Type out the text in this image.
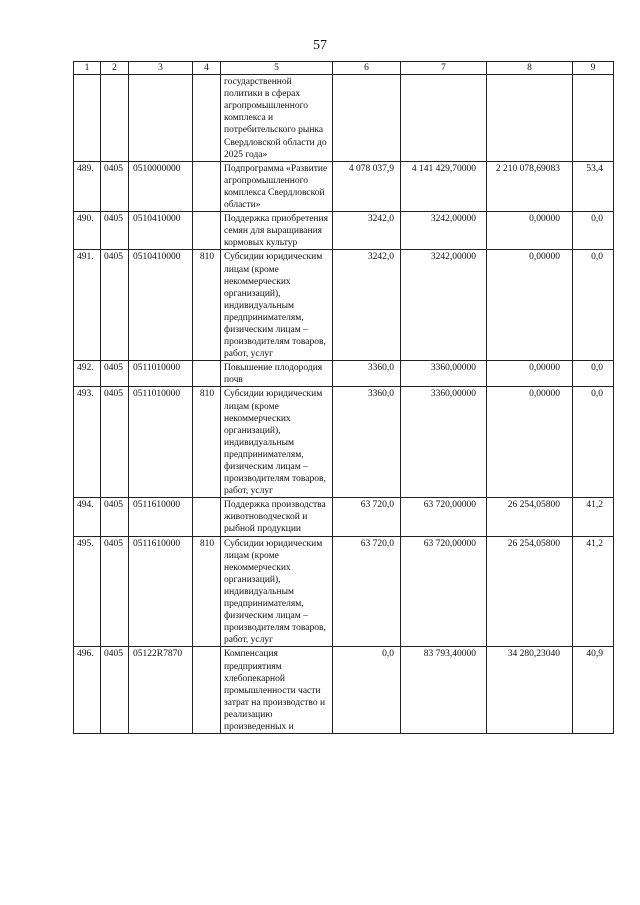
57
1	2	3	4	5	6	7	8	9
				государственной политики в сферах агропромышленного комплекса и потребительского рынка Свердловской области до 2025 года»				
489.	0405	0510000000		Подпрограмма «Развитие агропромышленного комплекса Свердловской области»	4 078 037,9	4 141 429,70000	2 210 078,69083	53,4
490.	0405	0510410000		Поддержка приобретения семян для выращивания кормовых культур	3242,0	3242,00000	0,00000	0,0
491.	0405	0510410000	810	Субсидии юридическим лицам (кроме некоммерческих организаций), индивидуальным предпринимателям, физическим лицам – производителям товаров, работ, услуг	3242,0	3242,00000	0,00000	0,0
492.	0405	0511010000		Повышение плодородия почв	3360,0	3360,00000	0,00000	0,0
493.	0405	0511010000	810	Субсидии юридическим лицам (кроме некоммерческих организаций), индивидуальным предпринимателям, физическим лицам – производителям товаров, работ, услуг	3360,0	3360,00000	0,00000	0,0
494.	0405	0511610000		Поддержка производства животноводческой и рыбной продукции	63 720,0	63 720,00000	26 254,05800	41,2
495.	0405	0511610000	810	Субсидии юридическим лицам (кроме некоммерческих организаций), индивидуальным предпринимателям, физическим лицам – производителям товаров, работ, услуг	63 720,0	63 720,00000	26 254,05800	41,2
496.	0405	05122R7870		Компенсация предприятиям хлебопекарной промышленности части затрат на производство и реализацию произведенных и	0,0	83 793,40000	34 280,23040	40,9
